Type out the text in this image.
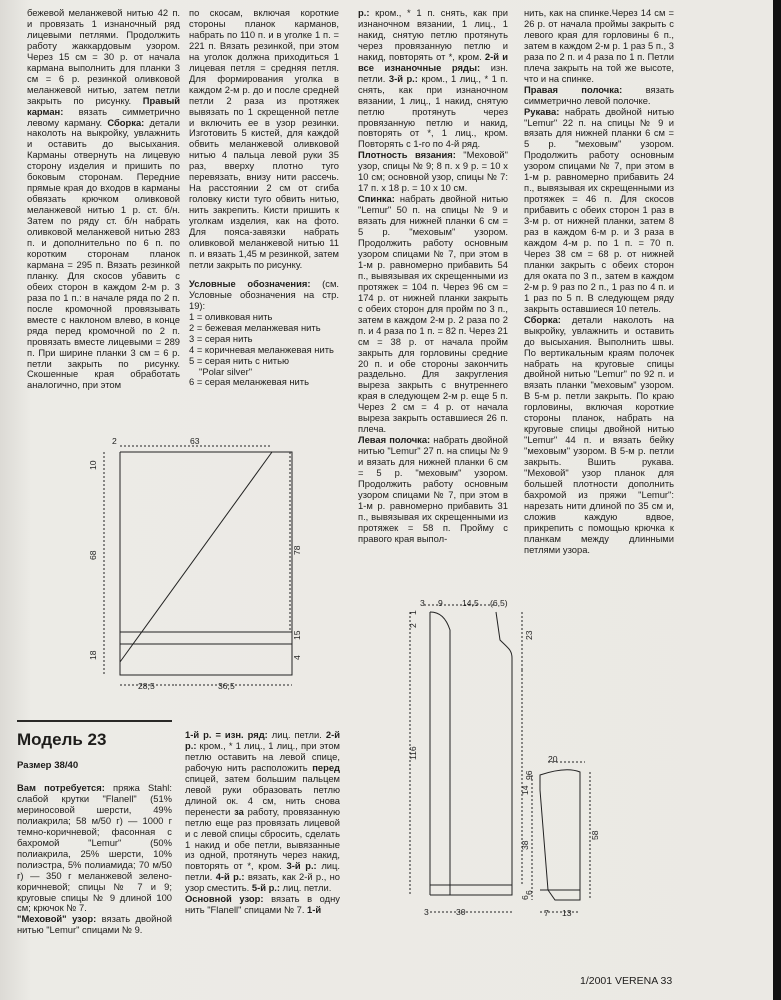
бежевой меланжевой нитью 42 п. и провязать 1 изнаночный ряд лицевыми петлями. Продолжить работу жаккардовым узором. Через 15 см = 30 р. от начала кармана выполнить для планки 3 см = 6 р. резинкой оливковой меланжевой нитью, затем петли закрыть по рисунку. Правый карман: вязать симметрично левому карману. Сборка: детали наколоть на выкройку, увлажнить и оставить до высыхания. Карманы отвернуть на лицевую сторону изделия и пришить по боковым сторонам. Передние прямые края до входов в карманы обвязать крючком оливковой меланжевой нитью 1 р. ст. б/н. Затем по ряду ст. б/н набрать оливковой меланжевой нитью 283 п. и дополнительно по 6 п. по коротким сторонам планок кармана = 295 п. Вязать резинкой планку. Для скосов убавить с обеих сторон в каждом 2-м р. 3 раза по 1 п.: в начале ряда по 2 п. после кромочной провязывать вместе с наклоном влево, в конце ряда перед кромочной по 2 п. провязать вместе лицевыми = 289 п. При ширине планки 3 см = 6 р. петли закрыть по рисунку. Скошенные края обработать аналогично, при этом

по скосам, включая короткие стороны планок карманов, набрать по 110 п. и в уголке 1 п. = 221 п. Вязать резинкой, при этом на уголок должна приходиться 1 лицевая петля = средняя петля. Для формирования уголка в каждом 2-м р. до и после средней петли 2 раза из протяжек вывязать по 1 скрещенной петле и включить ее в узор резинки. Изготовить 5 кистей, для каждой обвить меланжевой оливковой нитью 4 пальца левой руки 35 раз, вверху плотно туго перевязать, внизу нити рассечь. На расстоянии 2 см от сгиба головку кисти туго обвить нитью, нить закрепить. Кисти пришить к уголкам изделия, как на фото. Для пояса-завязки набрать оливковой меланжевой нитью 11 п. и вязать 1,45 м резинкой, затем петли закрыть по рисунку.

Условные обозначения: (см. Условные обозначения на стр. 19):

1 = оливковая нить

2 = бежевая меланжевая нить

3 = серая нить

4 = коричневая меланжевая нить

5 = серая нить с нитью

"Polar silver"

6 = серая меланжевая нить

р.: кром., * 1 п. снять, как при изнаночном вязании, 1 лиц., 1 накид, снятую петлю протянуть через провязанную петлю и накид, повторять от *, кром. 2-й и все изнаночные ряды: изн. петли. 3-й р.: кром., 1 лиц., * 1 п. снять, как при изнаночном вязании, 1 лиц., 1 накид, снятую петлю протянуть через провязанную петлю и накид, повторять от *, 1 лиц., кром. Повторять с 1-го по 4-й ряд.

Плотность вязания: "Меховой" узор, спицы № 9; 8 п. х 9 р. = 10 х 10 см; основной узор, спицы № 7: 17 п. х 18 р. = 10 х 10 см.

Спинка: набрать двойной нитью "Lemur" 50 п. на спицы № 9 и вязать для нижней планки 6 см = 5 р. "меховым" узором. Продолжить работу основным узором спицами № 7, при этом в 1-м р. равномерно прибавить 54 п., вывязывая их скрещенными из протяжек = 104 п. Через 96 см = 174 р. от нижней планки закрыть с обеих сторон для пройм по 3 п., затем в каждом 2-м р. 2 раза по 2 п. и 4 раза по 1 п. = 82 п. Через 21 см = 38 р. от начала пройм закрыть для горловины средние 20 п. и обе стороны закончить раздельно. Для закругления выреза закрыть с внутреннего края в следующем 2-м р. еще 5 п. Через 2 см = 4 р. от начала выреза закрыть оставшиеся 26 п. плеча.

Левая полочка: набрать двойной нитью "Lemur" 27 п. на спицы № 9 и вязать для нижней планки 6 см = 5 р. "меховым" узором. Продолжить работу основным узором спицами № 7, при этом в 1-м р. равномерно прибавить 31 п., вывязывая их скрещенными из протяжек = 58 п. Пройму с правого края выпол-

нить, как на спинке.Через 14 см = 26 р. от начала проймы закрыть с левого края для горловины 6 п., затем в каждом 2-м р. 1 раз 5 п., 3 раза по 2 п. и 4 раза по 1 п. Петли плеча закрыть на той же высоте, что и на спинке.

Правая полочка: вязать симметрично левой полочке.

Рукава: набрать двойной нитью "Lemur" 22 п. на спицы № 9 и вязать для нижней планки 6 см = 5 р. "меховым" узором. Продолжить работу основным узором спицами № 7, при этом в 1-м р. равномерно прибавить 24 п., вывязывая их скрещенными из протяжек = 46 п. Для скосов прибавить с обеих сторон 1 раз в 3-м р. от нижней планки, затем 8 раз в каждом 6-м р. и 3 раза в каждом 4-м р. по 1 п. = 70 п. Через 38 см = 68 р. от нижней планки закрыть с обеих сторон для оката по 3 п., затем в каждом 2-м р. 9 раз по 2 п., 1 раз по 4 п. и 1 раз по 5 п. В следующем ряду закрыть оставшиеся 10 петель.

Сборка: детали наколоть на выкройку, увлажнить и оставить до высыхания. Выполнить швы. По вертикальным краям полочек набрать на круговые спицы двойной нитью "Lemur" по 92 п. и вязать планки "меховым" узором. В 5-м р. петли закрыть. По краю горловины, включая короткие стороны планок, набрать на круговые спицы двойной нитью "Lemur" 44 п. и вязать бейку "меховым" узором. В 5-м р. петли закрыть. Вшить рукава. "Меховой" узор планок для большей плотности дополнить бахромой из пряжи "Lemur": нарезать нити длиной по 35 см и, сложив каждую вдвое, прикрепить с помощью крючка к планкам между длинными петлями узора.

Модель 23
Размер 38/40

Вам потребуется: пряжа Stahl: слабой крутки "Flanell" (51% мериносовой шерсти, 49% полиакрила; 58 м/50 г) — 1000 г темно-коричневой; фасонная с бахромой "Lemur" (50% полиакрила, 25% шерсти, 10% полиэстра, 5% полиамида; 70 м/50 г) — 350 г меланжевой зелено-коричневой; спицы № 7 и 9; круговые спицы № 9 длиной 100 см; крючок № 7.

"Меховой" узор: вязать двойной нитью "Lemur" спицами № 9.

1-й р. = изн. ряд: лиц. петли. 2-й р.: кром., * 1 лиц., 1 лиц., при этом петлю оставить на левой спице, рабочую нить расположить перед спицей, затем большим пальцем левой руки образовать петлю длиной ок. 4 см, нить снова перенести за работу, провязанную петлю еще раз провязать лицевой и с левой спицы сбросить, сделать 1 накид и обе петли, вывязанные из одной, протянуть через накид, повторять от *, кром. 3-й р.: лиц. петли. 4-й р.: вязать, как 2-й р., но узор сместить. 5-й р.: лиц. петли.

Основной узор: вязать в одну нить "Flanell" спицами № 7. 1-й

63
2
10
68
78
18
15
4
28,5	36,5
3 9 14,5 (6,5)
2
1
23
116
96
6
3	30
20
14
38
58
6
7 13
1/2001 VERENA 33
